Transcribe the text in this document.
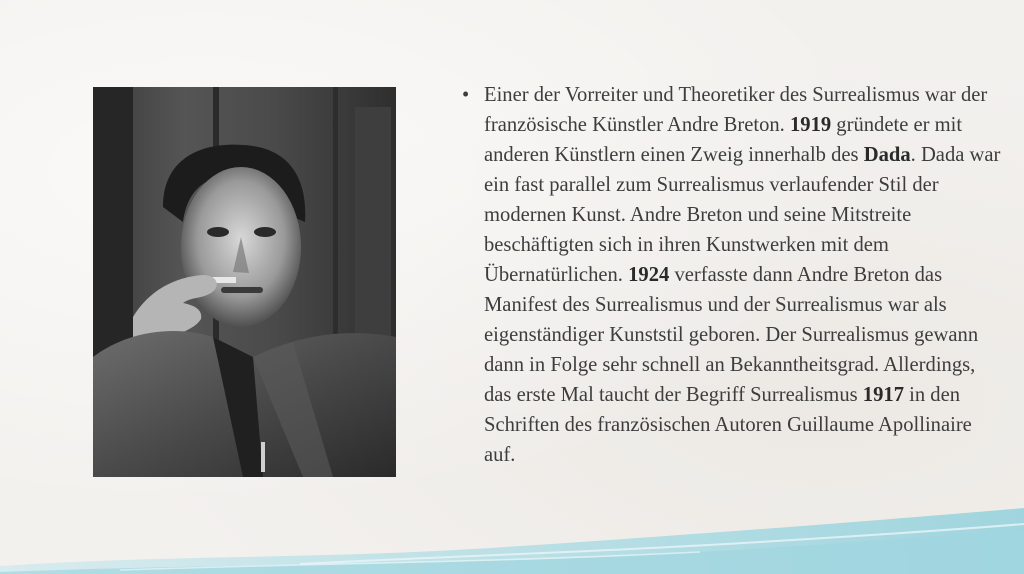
• Einer der Vorreiter und Theoretiker des Surrealismus war der französische Künstler Andre Breton. 1919 gründete er mit anderen Künstlern einen Zweig innerhalb des Dada. Dada war ein fast parallel zum Surrealismus verlaufender Stil der modernen Kunst. Andre Breton und seine Mitstreite beschäftigten sich in ihren Kunstwerken mit dem Übernatürlichen. 1924 verfasste dann Andre Breton das Manifest des Surrealismus und der Surrealismus war als eigenständiger Kunststil geboren. Der Surrealismus gewann dann in Folge sehr schnell an Bekanntheitsgrad. Allerdings, das erste Mal taucht der Begriff Surrealismus 1917 in den Schriften des französischen Autoren Guillaume Apollinaire auf.
